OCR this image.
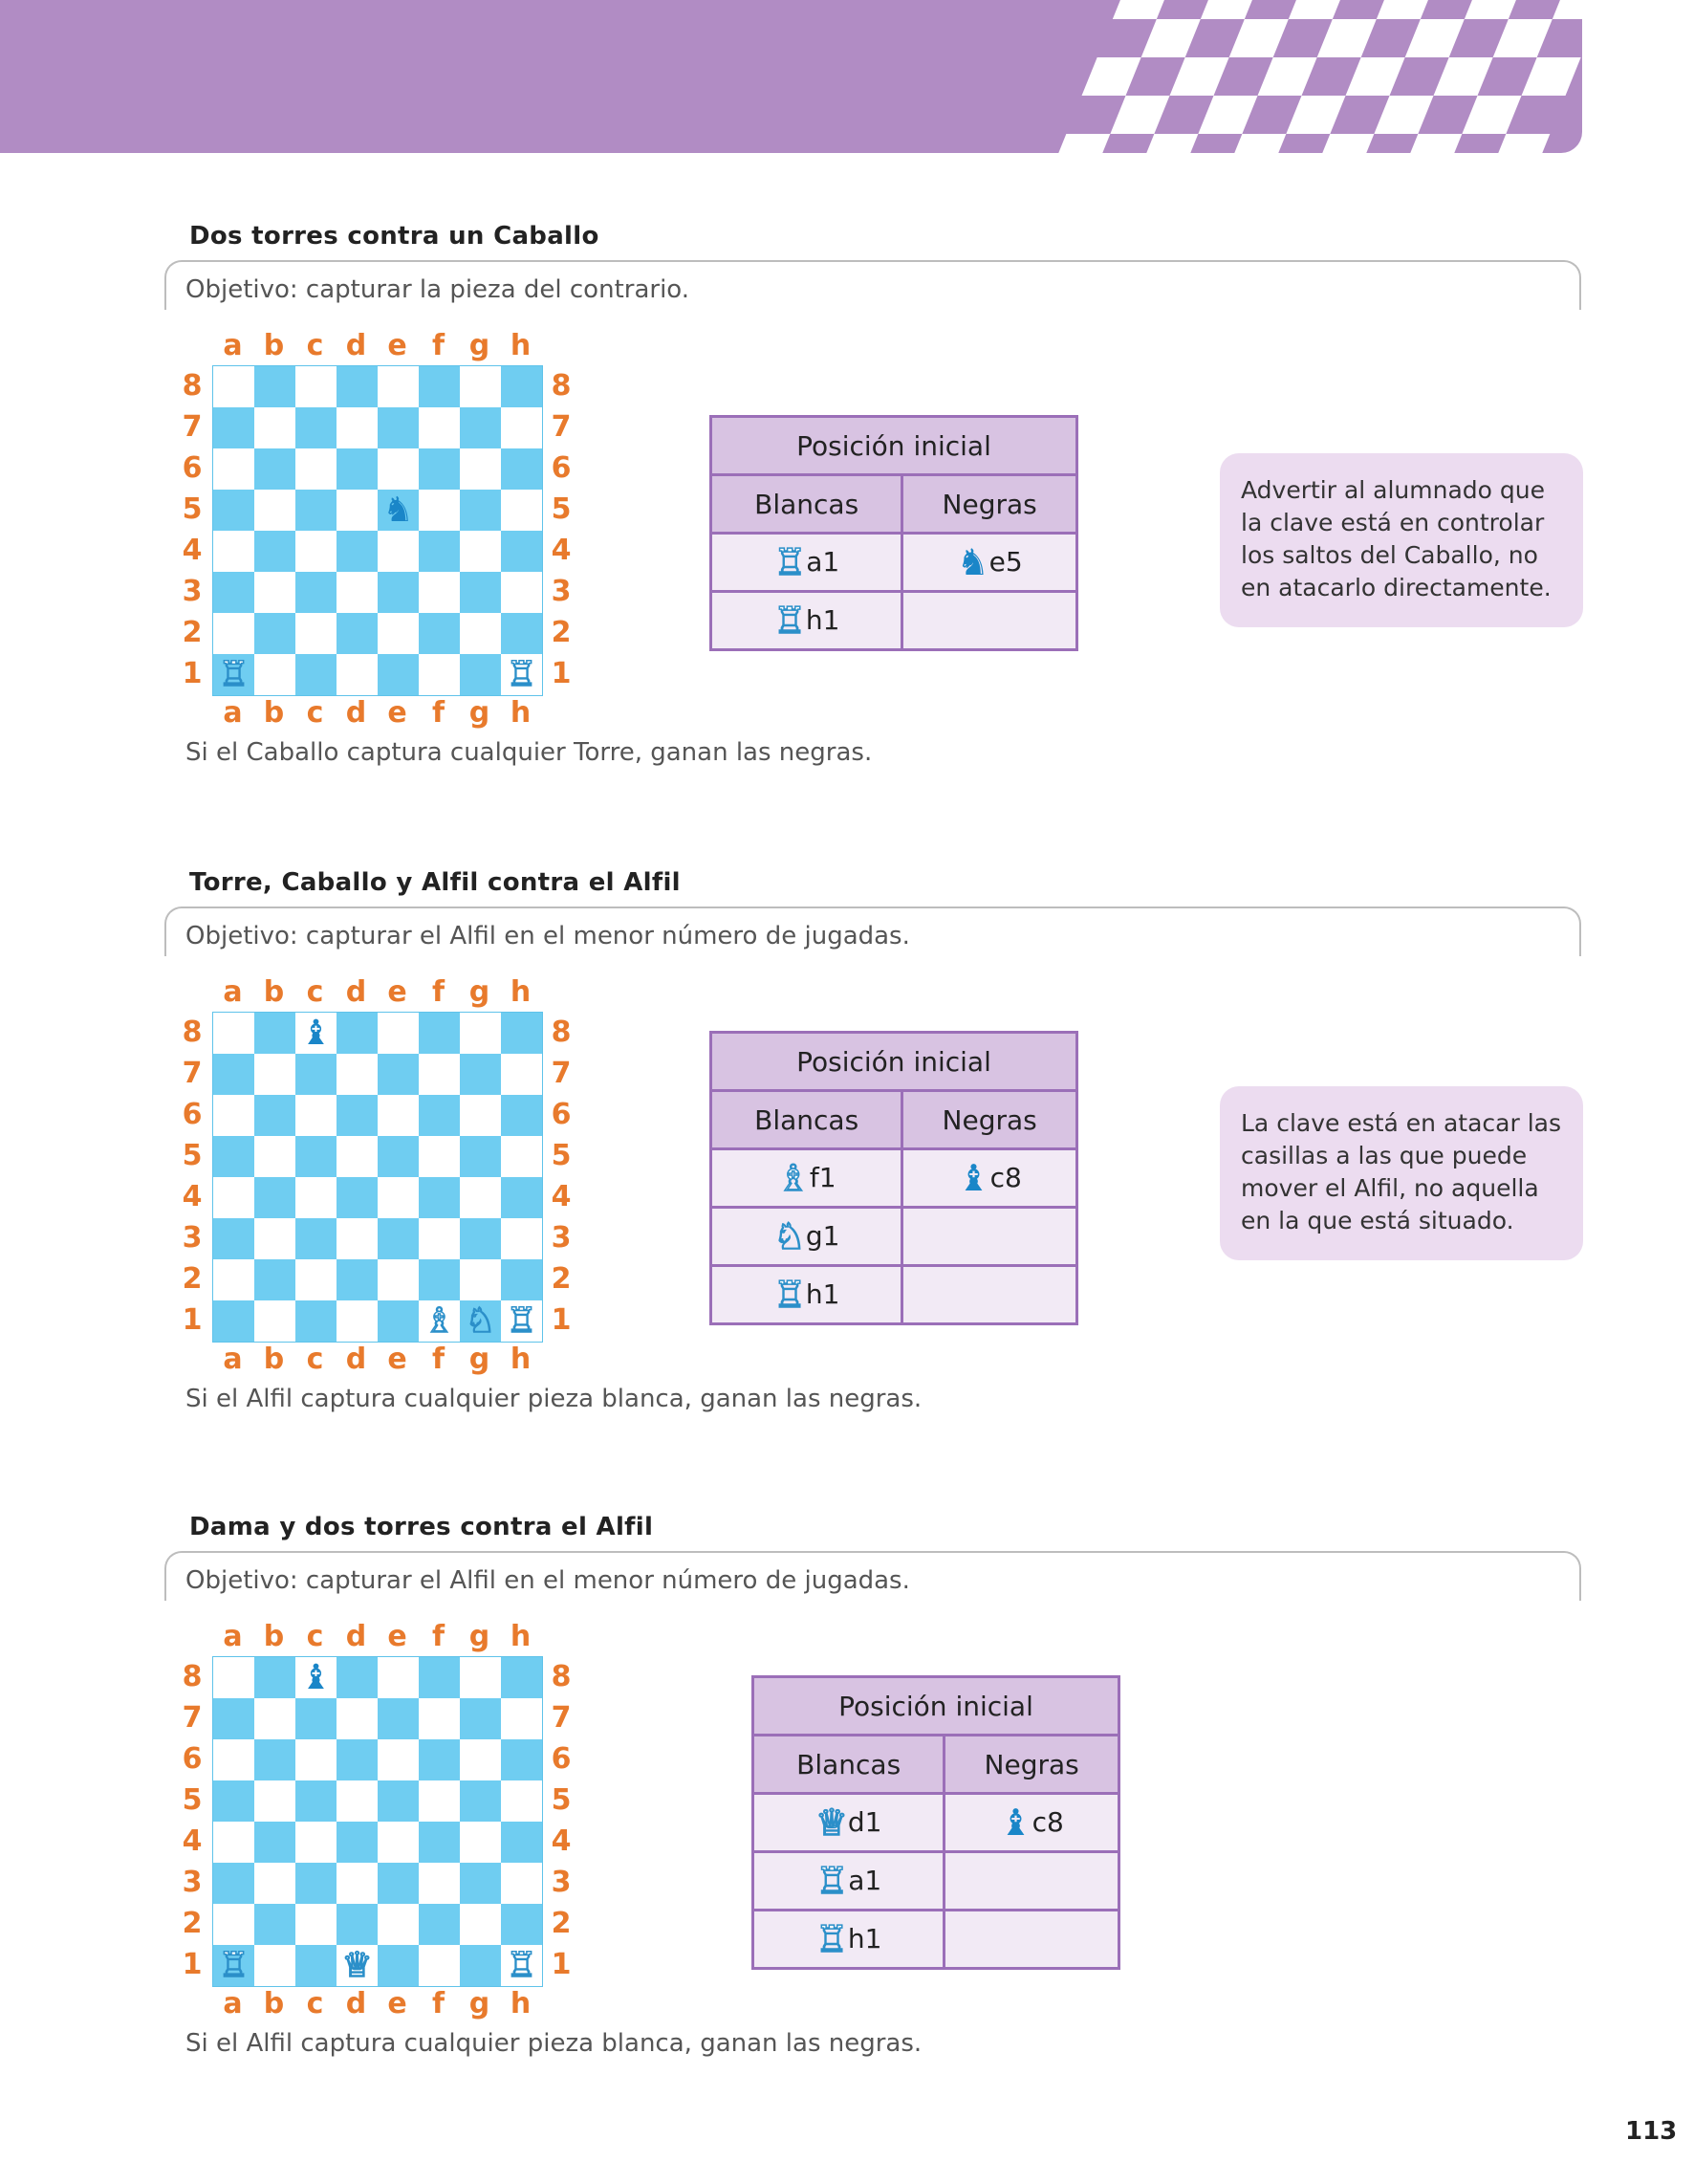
Dos torres contra un Caballo
Objetivo: capturar la pieza del contrario.
a b c d e f g h
a b c d e f g h
8
7
6
5
4
3
2
1
8
7
6
5
4
3
2
1
♞
♖	♖
Si el Caballo captura cualquier Torre, ganan las negras.
Posición inicial	
Blancas	Negras
♖a1	♞e5
♖h1	
Advertir al alumnado que la clave está en controlar los saltos del Caballo, no en atacarlo directamente.
Torre, Caballo y Alfil contra el Alfil
Objetivo: capturar el Alfil en el menor número de jugadas.
a b c d e f g h
a b c d e f g h
8
7
6
5
4
3
2
1
8
7
6
5
4
3
2
1
♝
♗ ♘ ♖
Si el Alfil captura cualquier pieza blanca, ganan las negras.
Posición inicial	
Blancas	Negras
♗f1	♝c8
♘g1	
♖h1	
La clave está en atacar las casillas a las que puede mover el Alfil, no aquella en la que está situado.
Dama y dos torres contra el Alfil
Objetivo: capturar el Alfil en el menor número de jugadas.
a b c d e f g h
a b c d e f g h
8
7
6
5
4
3
2
1
8
7
6
5
4
3
2
1
♝
♖	♕	♖
Si el Alfil captura cualquier pieza blanca, ganan las negras.
Posición inicial	
Blancas	Negras
♕d1	♝c8
♖a1	
♖h1	
113
